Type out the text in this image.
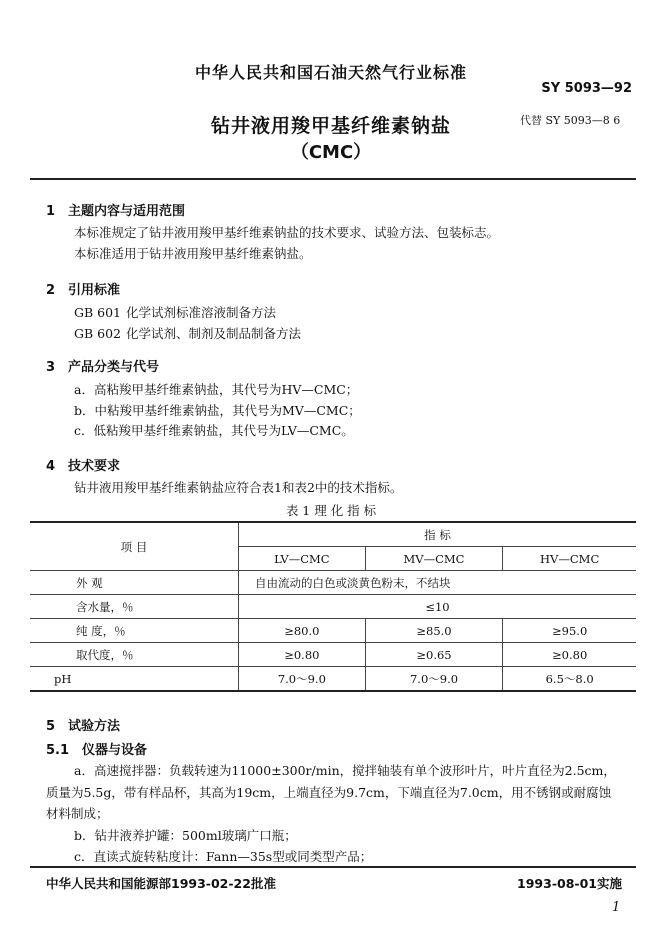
中华人民共和国石油天然气行业标准
SY 5093—92
钻井液用羧甲基纤维素钠盐	代替 SY 5093—8 6
（CMC）
1 主题内容与适用范围
本标准规定了钻井液用羧甲基纤维素钠盐的技术要求、试验方法、包装标志。
本标准适用于钻井液用羧甲基纤维素钠盐。
2 引用标准
GB 601 化学试剂标准溶液制备方法
GB 602 化学试剂、制剂及制品制备方法
3 产品分类与代号
a．高粘羧甲基纤维素钠盐，其代号为HV—CMC；
b．中粘羧甲基纤维素钠盐，其代号为MV—CMC；
c．低粘羧甲基纤维素钠盐，其代号为LV—CMC。
4 技术要求
钻井液用羧甲基纤维素钠盐应符合表1和表2中的技术指标。
表 1 理 化 指 标
项 目	指 标		
	LV—CMC	MV—CMC	HV—CMC
外 观	自由流动的白色或淡黄色粉末，不结块		
含水量，％	≤10		
纯 度，％	≥80.0	≥85.0	≥95.0
取代度，％	≥0.80	≥0.65	≥0.80
pH	7.0～9.0	7.0～9.0	6.5～8.0
5 试验方法
5.1 仪器与设备
a．高速搅拌器：负载转速为11000±300r/min，搅拌轴装有单个波形叶片，叶片直径为2.5cm，
质量为5.5g，带有样品杯，其高为19cm，上端直径为9.7cm，下端直径为7.0cm，用不锈钢或耐腐蚀
材料制成；
b．钻井液养护罐：500ml玻璃广口瓶；
c．直读式旋转粘度计：Fann—35s型或同类型产品；
中华人民共和国能源部1993-02-22批准	1993-08-01实施
1
